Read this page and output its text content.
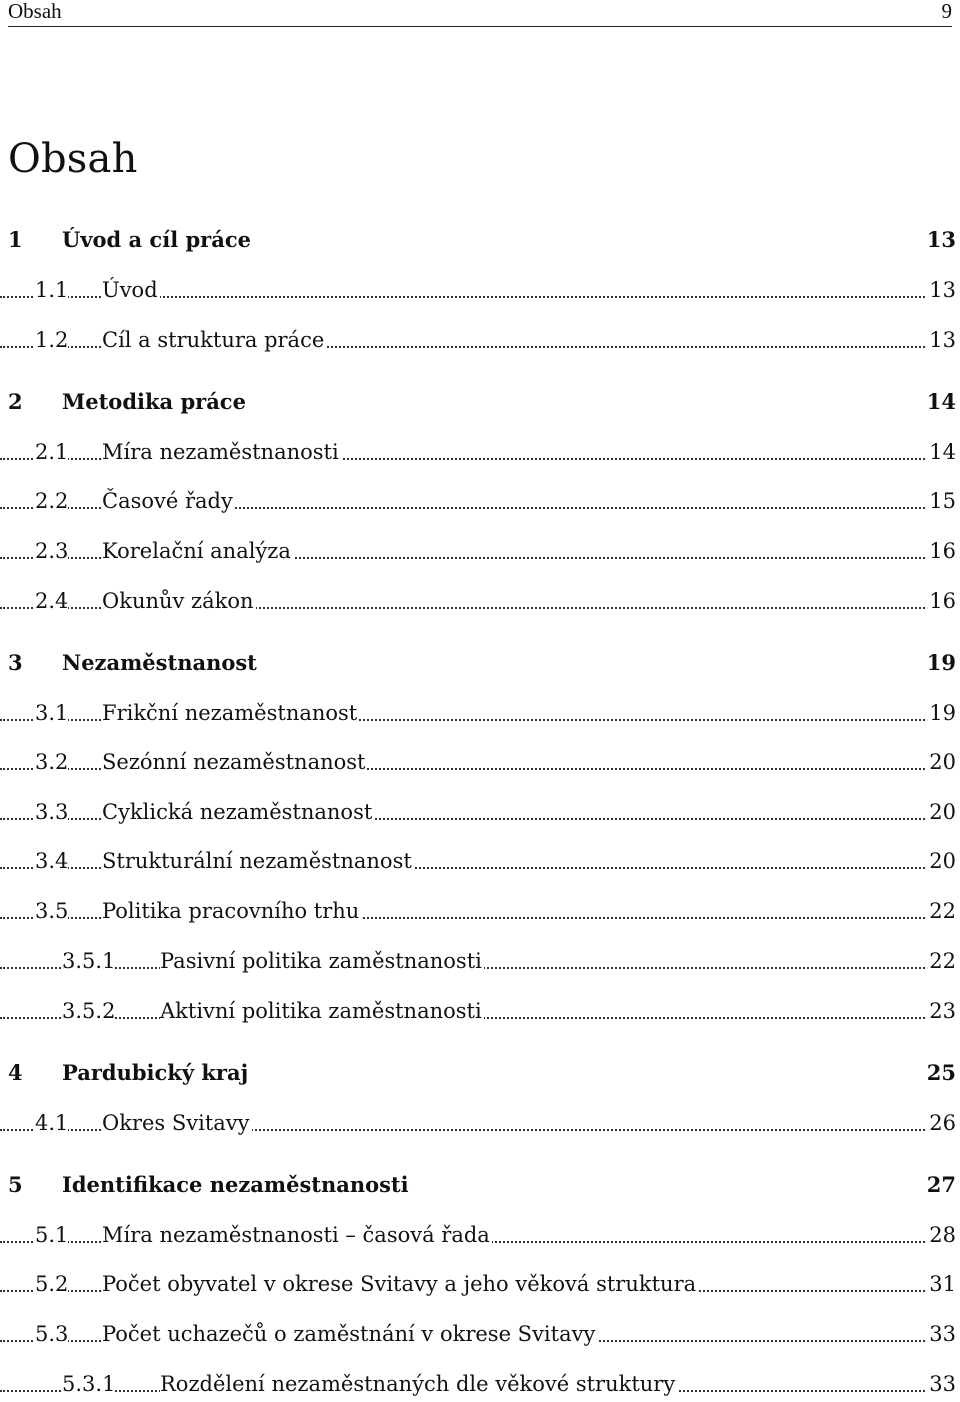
Obsah	9
Obsah
1 Úvod a cíl práce	13
1.1 Úvod	13
1.2 Cíl a struktura práce	13
2 Metodika práce	14
2.1 Míra nezaměstnanosti	14
2.2 Časové řady	15
2.3 Korelační analýza	16
2.4 Okunův zákon	16
3 Nezaměstnanost	19
3.1 Frikční nezaměstnanost	19
3.2 Sezónní nezaměstnanost	20
3.3 Cyklická nezaměstnanost	20
3.4 Strukturální nezaměstnanost	20
3.5 Politika pracovního trhu	22
3.5.1 Pasivní politika zaměstnanosti	22
3.5.2 Aktivní politika zaměstnanosti	23
4 Pardubický kraj	25
4.1 Okres Svitavy	26
5 Identifikace nezaměstnanosti	27
5.1 Míra nezaměstnanosti – časová řada	28
5.2 Počet obyvatel v okrese Svitavy a jeho věková struktura	31
5.3 Počet uchazečů o zaměstnání v okrese Svitavy	33
5.3.1 Rozdělení nezaměstnaných dle věkové struktury	33
